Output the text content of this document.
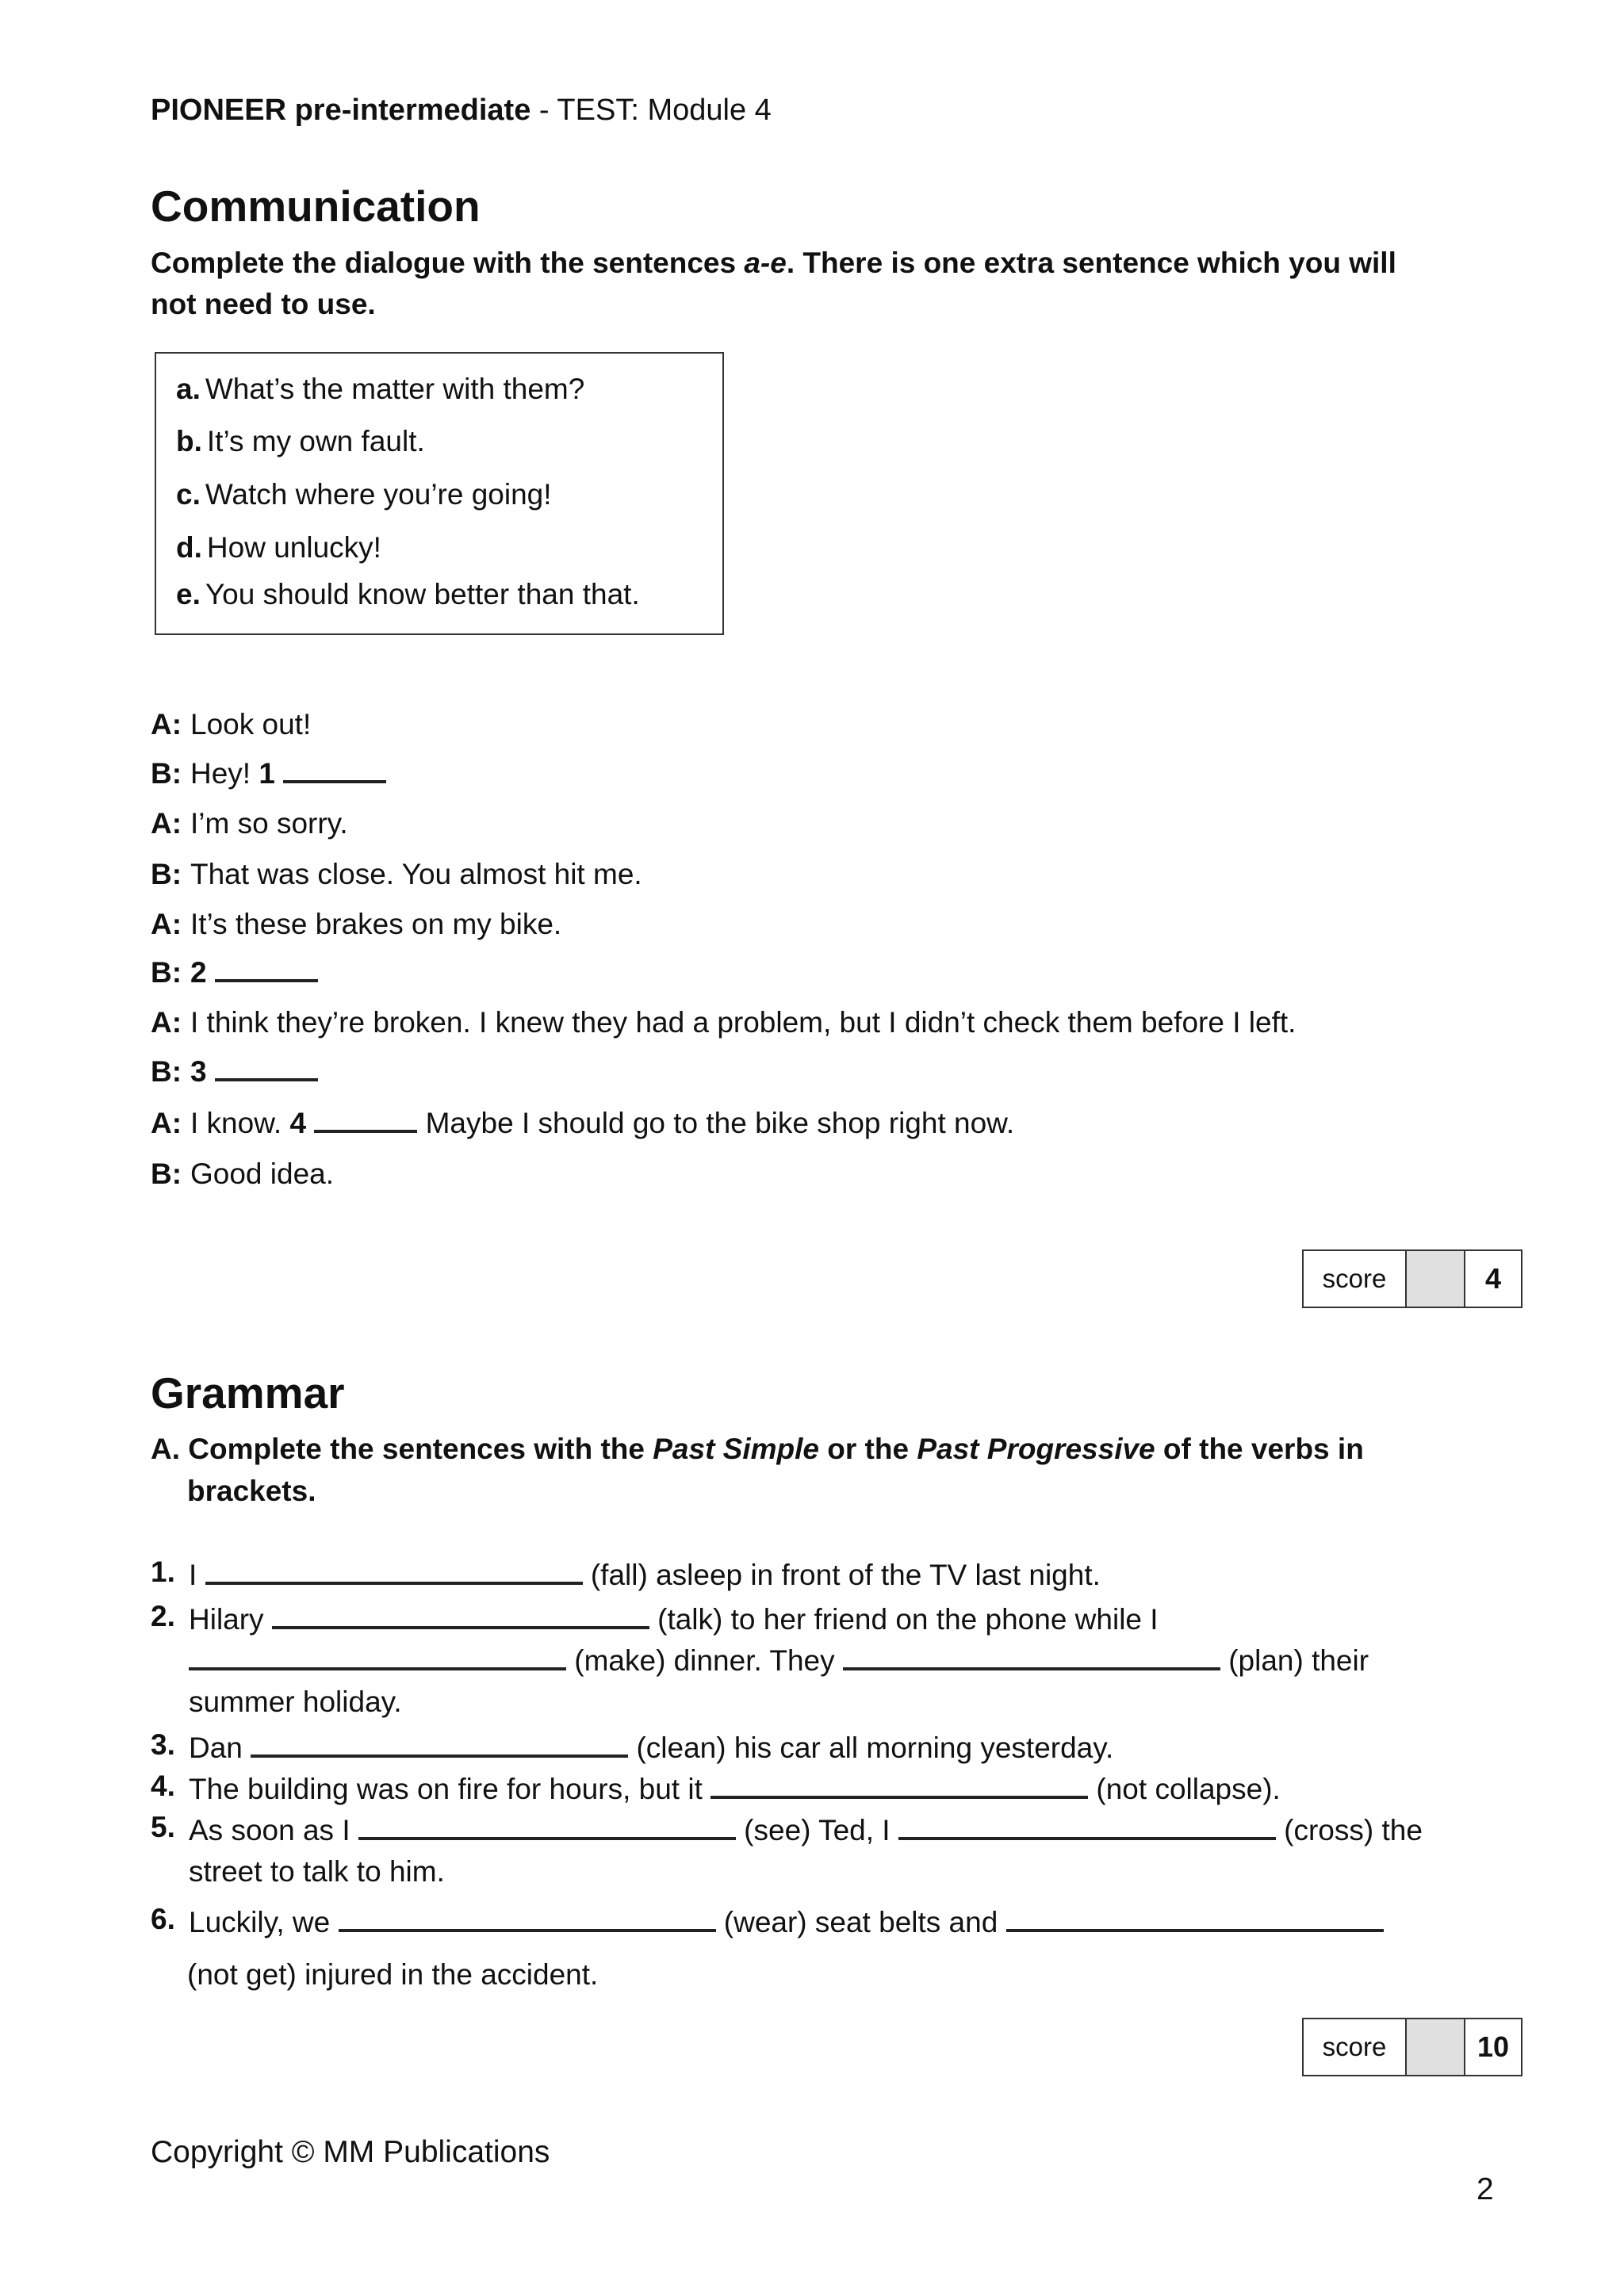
PIONEER pre-intermediate - TEST: Module 4
Communication
Complete the dialogue with the sentences a-e. There is one extra sentence which you will
not need to use.
a. What’s the matter with them?
b. It’s my own fault.
c. Watch where you’re going!
d. How unlucky!
e. You should know better than that.
A: Look out!
B: Hey! 1
A: I’m so sorry.
B: That was close. You almost hit me.
A: It’s these brakes on my bike.
B: 2
A: I think they’re broken. I knew they had a problem, but I didn’t check them before I left.
B: 3
A: I know. 4	Maybe I should go to the bike shop right now.
B: Good idea.
score	4
Grammar
A. Complete the sentences with the Past Simple or the Past Progressive of the verbs in
brackets.
1. I	(fall) asleep in front of the TV last night.
2. Hilary	(talk) to her friend on the phone while I
(make) dinner. They	(plan) their
summer holiday.
3. Dan	(clean) his car all morning yesterday.
4. The building was on fire for hours, but it	(not collapse).
5. As soon as I	(see) Ted, I	(cross) the
street to talk to him.
6. Luckily, we	(wear) seat belts and
(not get) injured in the accident.
score	10
Copyright © MM Publications
2
